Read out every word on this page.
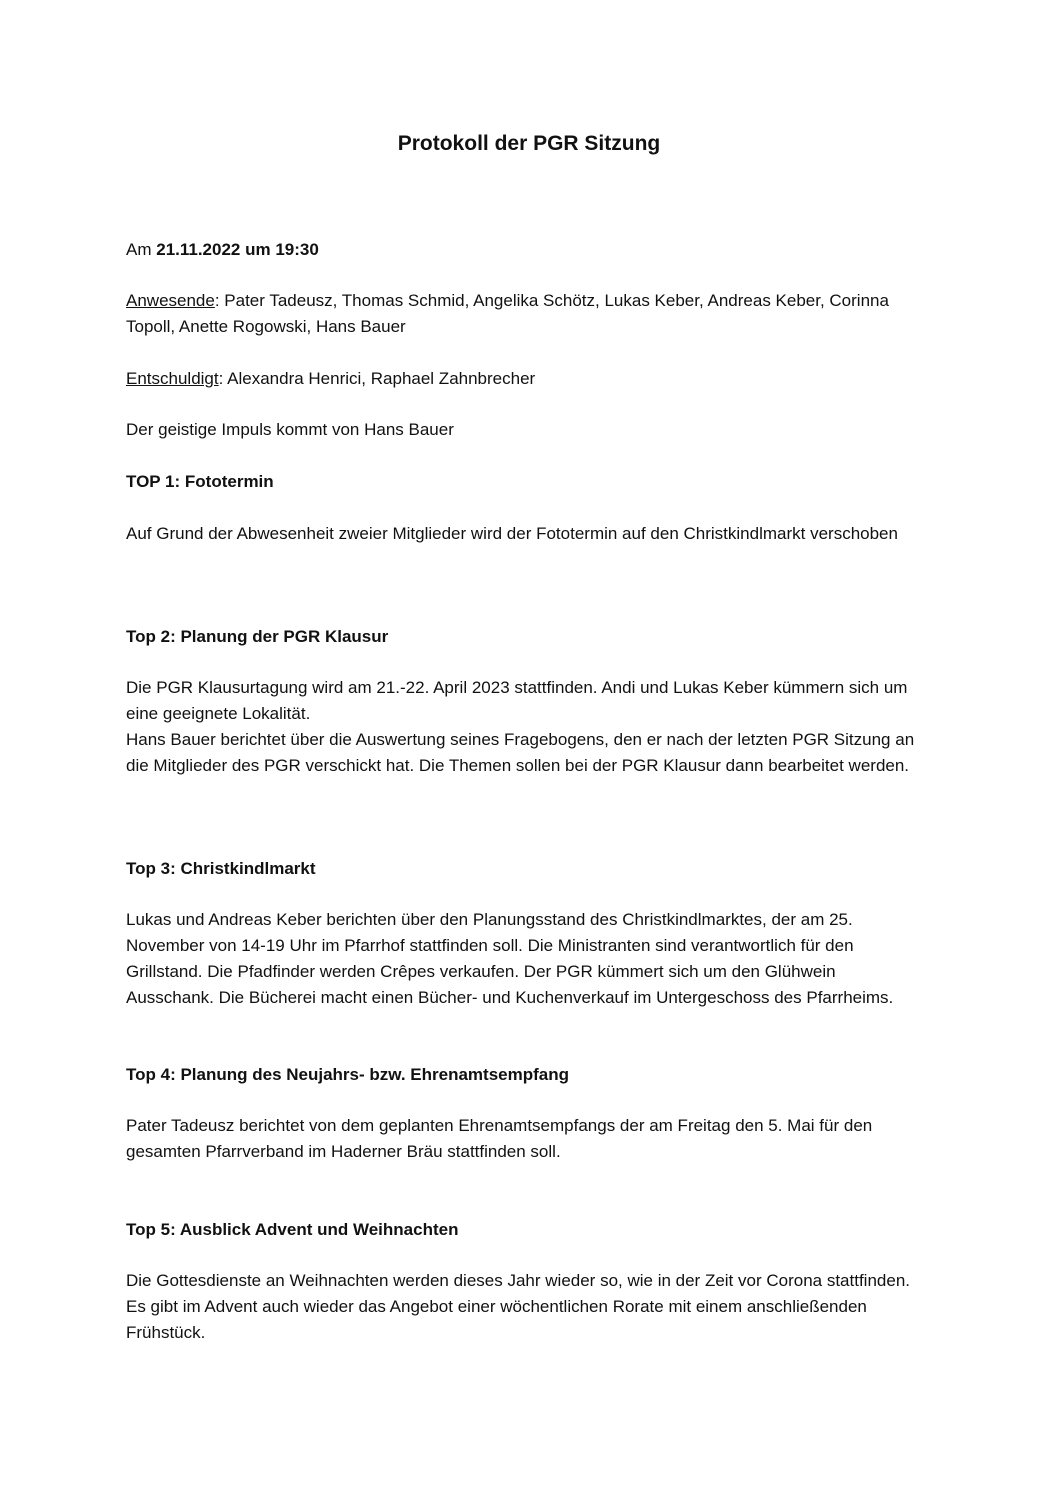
Protokoll der PGR Sitzung

Am 21.11.2022 um 19:30

Anwesende: Pater Tadeusz, Thomas Schmid, Angelika Schötz, Lukas Keber, Andreas Keber, Corinna Topoll, Anette Rogowski, Hans Bauer

Entschuldigt: Alexandra Henrici, Raphael Zahnbrecher

Der geistige Impuls kommt von Hans Bauer

TOP 1: Fototermin

Auf Grund der Abwesenheit zweier Mitglieder wird der Fototermin auf den Christkindlmarkt verschoben

Top 2: Planung der PGR Klausur

Die PGR Klausurtagung wird am 21.-22. April 2023 stattfinden. Andi und Lukas Keber kümmern sich um eine geeignete Lokalität.

Hans Bauer berichtet über die Auswertung seines Fragebogens, den er nach der letzten PGR Sitzung an die Mitglieder des PGR verschickt hat. Die Themen sollen bei der PGR Klausur dann bearbeitet werden.

Top 3: Christkindlmarkt

Lukas und Andreas Keber berichten über den Planungsstand des Christkindlmarktes, der am 25. November von 14-19 Uhr im Pfarrhof stattfinden soll. Die Ministranten sind verantwortlich für den Grillstand. Die Pfadfinder werden Crêpes verkaufen. Der PGR kümmert sich um den Glühwein Ausschank. Die Bücherei macht einen Bücher- und Kuchenverkauf im Untergeschoss des Pfarrheims.

Top 4: Planung des Neujahrs- bzw. Ehrenamtsempfang

Pater Tadeusz berichtet von dem geplanten Ehrenamtsempfangs der am Freitag den 5. Mai für den gesamten Pfarrverband im Haderner Bräu stattfinden soll.

Top 5: Ausblick Advent und Weihnachten

Die Gottesdienste an Weihnachten werden dieses Jahr wieder so, wie in der Zeit vor Corona stattfinden. Es gibt im Advent auch wieder das Angebot einer wöchentlichen Rorate mit einem anschließenden Frühstück.
